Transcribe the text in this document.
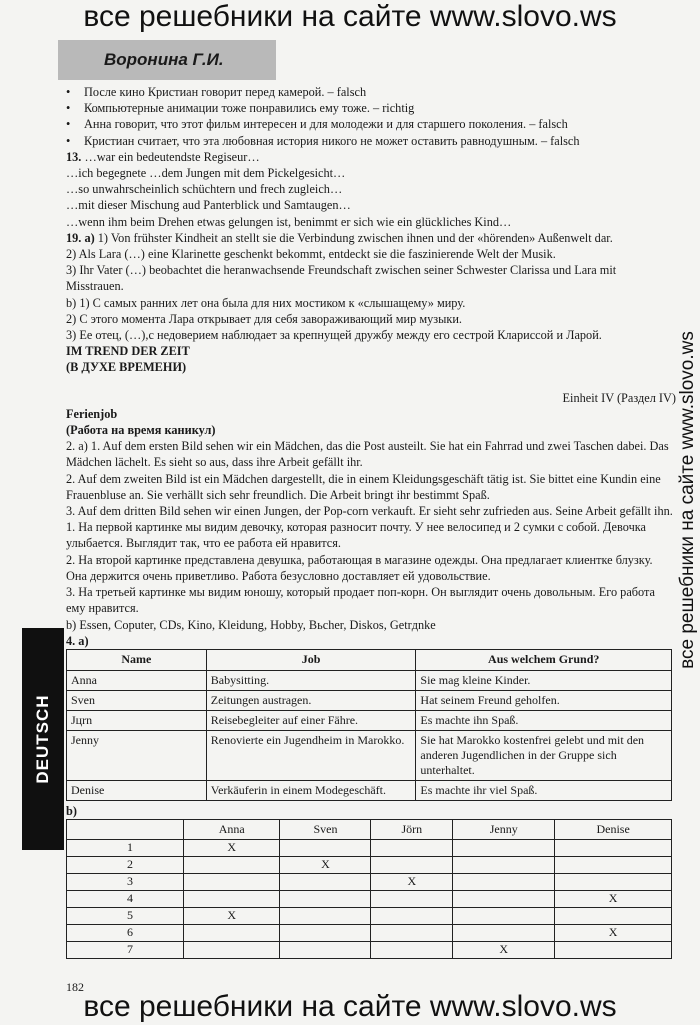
все решебники на сайте www.slovo.ws
Воронина Г.И.
все решебники на сайте www.slovo.ws
DEUTSCH

• После кино Кристиан говорит перед камерой. – falsch

• Компьютерные анимации тоже понравились ему тоже. – richtig

• Анна говорит, что этот фильм интересен и для молодежи и для старшего поколения. – falsch

• Кристиан считает, что эта любовная история никого не может оставить равнодушным. – falsch

13. …war ein bedeutendste Regiseur…

…ich begegnete …dem Jungen mit dem Pickelgesicht…

…so unwahrscheinlich schüchtern und frech zugleich…

…mit dieser Mischung aud Panterblick und Samtaugen…

…wenn ihm beim Drehen etwas gelungen ist, benimmt er sich wie ein glückliches Kind…

19. a) 1) Von frühster Kindheit an stellt sie die Verbindung zwischen ihnen und der «hörenden» Außenwelt dar.

2) Als Lara (…) eine Klarinette geschenkt bekommt, entdeckt sie die faszinierende Welt der Musik.

3) Ihr Vater (…) beobachtet die heranwachsende Freundschaft zwischen seiner Schwester Clarissa und Lara mit Misstrauen.

b) 1) С самых ранних лет она была для них мостиком к «слышащему» миру.

2) С этого момента Лара открывает для себя завораживающий мир музыки.

3) Ее отец, (…),с недоверием наблюдает за крепнущей дружбу между его сестрой Клариссой и Ларой.

IM TREND DER ZEIT

(В ДУХЕ ВРЕМЕНИ)

Einheit IV (Раздел IV)

Ferienjob

(Работа на время каникул)

2. a) 1. Auf dem ersten Bild sehen wir ein Mädchen, das die Post austeilt. Sie hat ein Fahrrad und zwei Taschen dabei. Das Mädchen lächelt. Es sieht so aus, dass ihre Arbeit gefällt ihr.

2. Auf dem zweiten Bild ist ein Mädchen dargestellt, die in einem Kleidungsgeschäft tätig ist. Sie bittet eine Kundin eine Frauenbluse an. Sie verhällt sich sehr freundlich. Die Arbeit bringt ihr bestimmt Spaß.

3. Auf dem dritten Bild sehen wir einen Jungen, der Pop-corn verkauft. Er sieht sehr zufrieden aus. Seine Arbeit gefällt ihn.

1. На первой картинке мы видим девочку, которая разносит почту. У нее велосипед и 2 сумки с собой. Девочка улыбается. Выглядит так, что ее работа ей нравится.

2. На второй картинке представлена девушка, работающая в магазине одежды. Она предлагает клиентке блузку. Она держится очень приветливо. Работа безусловно доставляет ей удовольствие.

3. На третьей картинке мы видим юношу, который продает поп-корн. Он выглядит очень довольным. Его работа ему нравится.

b) Essen, Coputer, CDs, Kino, Kleidung, Hobby, Bьcher, Diskos, Getrдnke

4. a)

Name	Job	Aus welchem Grund?
Anna	Babysitting.	Sie mag kleine Kinder.
Sven	Zeitungen austragen.	Hat seinem Freund geholfen.
Jцrn	Reisebegleiter auf einer Fähre.	Es machte ihn Spaß.
Jenny	Renovierte ein Jugendheim in Marokko.	Sie hat Marokko kostenfrei gelebt und mit den anderen Jugendlichen in der Gruppe sich unterhaltet.
Denise	Verkäuferin in einem Modegeschäft.	Es machte ihr viel Spaß.

b)

	Anna	Sven	Jörn	Jenny	Denise
1	X				
2		X			
3			X		
4					X
5	X				
6					X
7				X	
182
все решебники на сайте www.slovo.ws
